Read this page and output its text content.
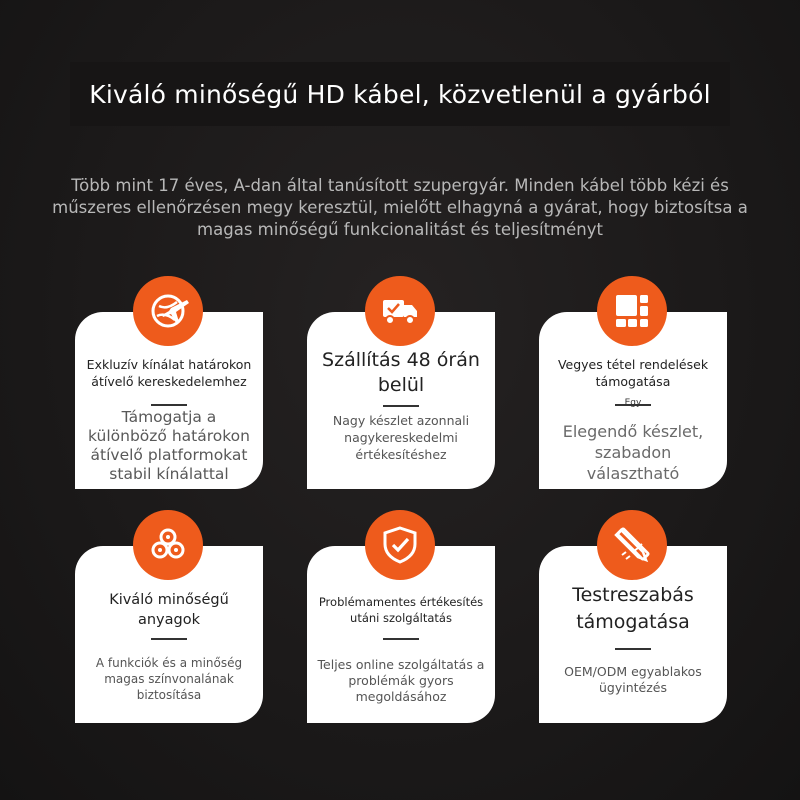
Kiváló minőségű HD kábel, közvetlenül a gyárból
Több mint 17 éves, A-dan által tanúsított szupergyár. Minden kábel több kézi és műszeres ellenőrzésen megy keresztül, mielőtt elhagyná a gyárat, hogy biztosítsa a magas minőségű funkcionalitást és teljesítményt
Exkluzív kínálat határokon átívelő kereskedelemhez
Támogatja a különböző határokon átívelő platformokat stabil kínálattal
Szállítás 48 órán belül
Nagy készlet azonnali nagykereskedelmi értékesítéshez
Vegyes tétel rendelések támogatása
Egy
Elegendő készlet, szabadon választható
Kiváló minőségű anyagok
A funkciók és a minőség magas színvonalának biztosítása
Problémamentes értékesítés utáni szolgáltatás
Teljes online szolgáltatás a problémák gyors megoldásához
Testreszabás támogatása
OEM/ODM egyablakos ügyintézés
